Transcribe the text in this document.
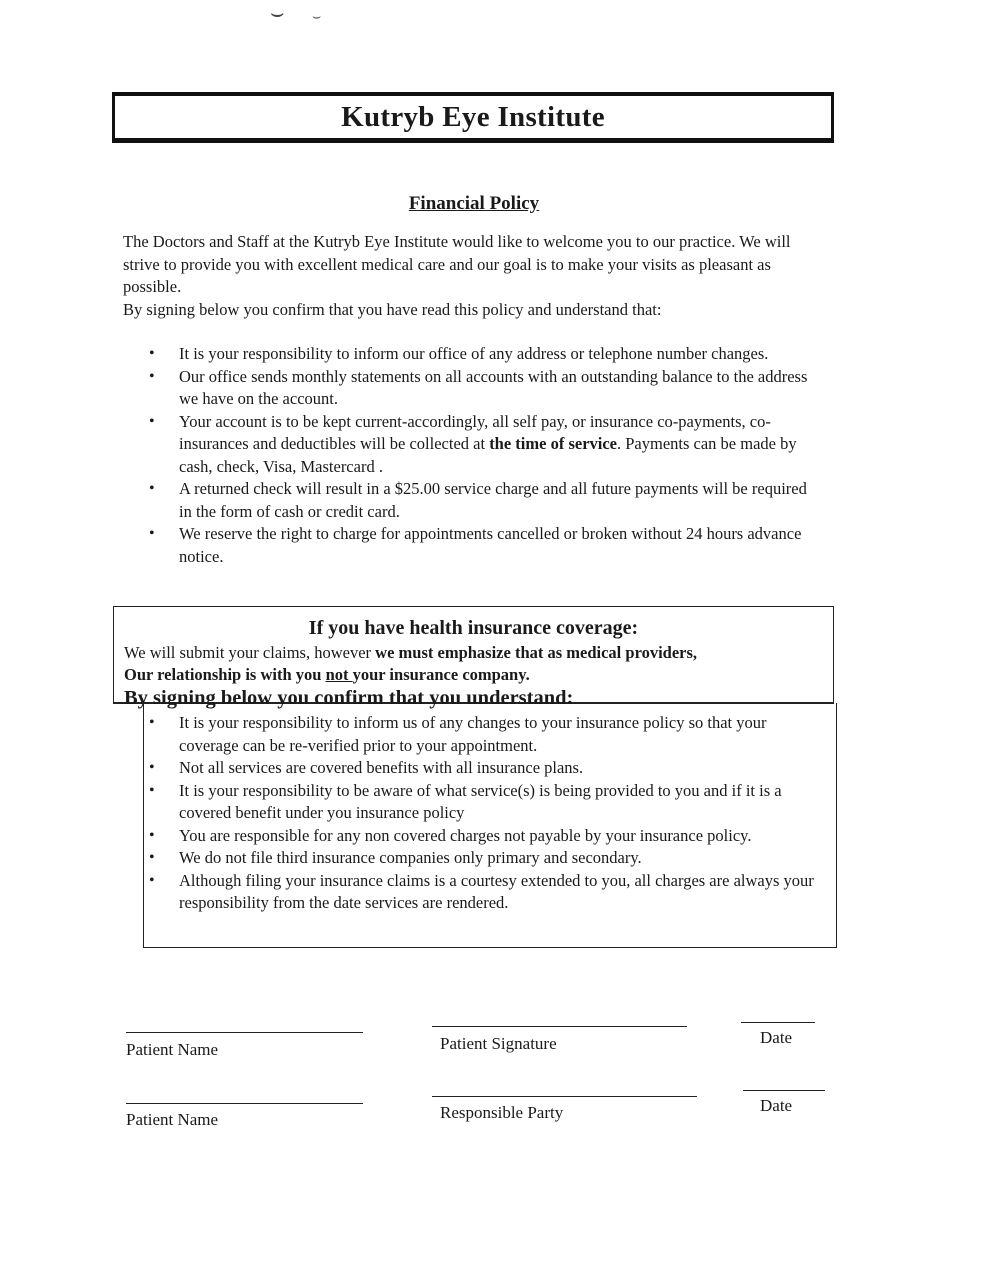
⌣ ⌣
Kutryb Eye Institute
Financial Policy

The Doctors and Staff at the Kutryb Eye Institute would like to welcome you to our practice. We will strive to provide you with excellent medical care and our goal is to make your visits as pleasant as possible.

By signing below you confirm that you have read this policy and understand that:

• It is your responsibility to inform our office of any address or telephone number changes.
• Our office sends monthly statements on all accounts with an outstanding balance to the address we have on the account.
• Your account is to be kept current-accordingly, all self pay, or insurance co-payments, co-insurances and deductibles will be collected at the time of service. Payments can be made by cash, check, Visa, Mastercard .
• A returned check will result in a $25.00 service charge and all future payments will be required in the form of cash or credit card.
• We reserve the right to charge for appointments cancelled or broken without 24 hours advance notice.
If you have health insurance coverage:
We will submit your claims, however we must emphasize that as medical providers,
Our relationship is with you not your insurance company.
By signing below you confirm that you understand:
• It is your responsibility to inform us of any changes to your insurance policy so that your coverage can be re-verified prior to your appointment.
• Not all services are covered benefits with all insurance plans.
• It is your responsibility to be aware of what service(s) is being provided to you and if it is a covered benefit under you insurance policy
• You are responsible for any non covered charges not payable by your insurance policy.
• We do not file third insurance companies only primary and secondary.
• Although filing your insurance claims is a courtesy extended to you, all charges are always your responsibility from the date services are rendered.
Patient Name	Patient Signature	Date
Patient Name	Responsible Party	Date
